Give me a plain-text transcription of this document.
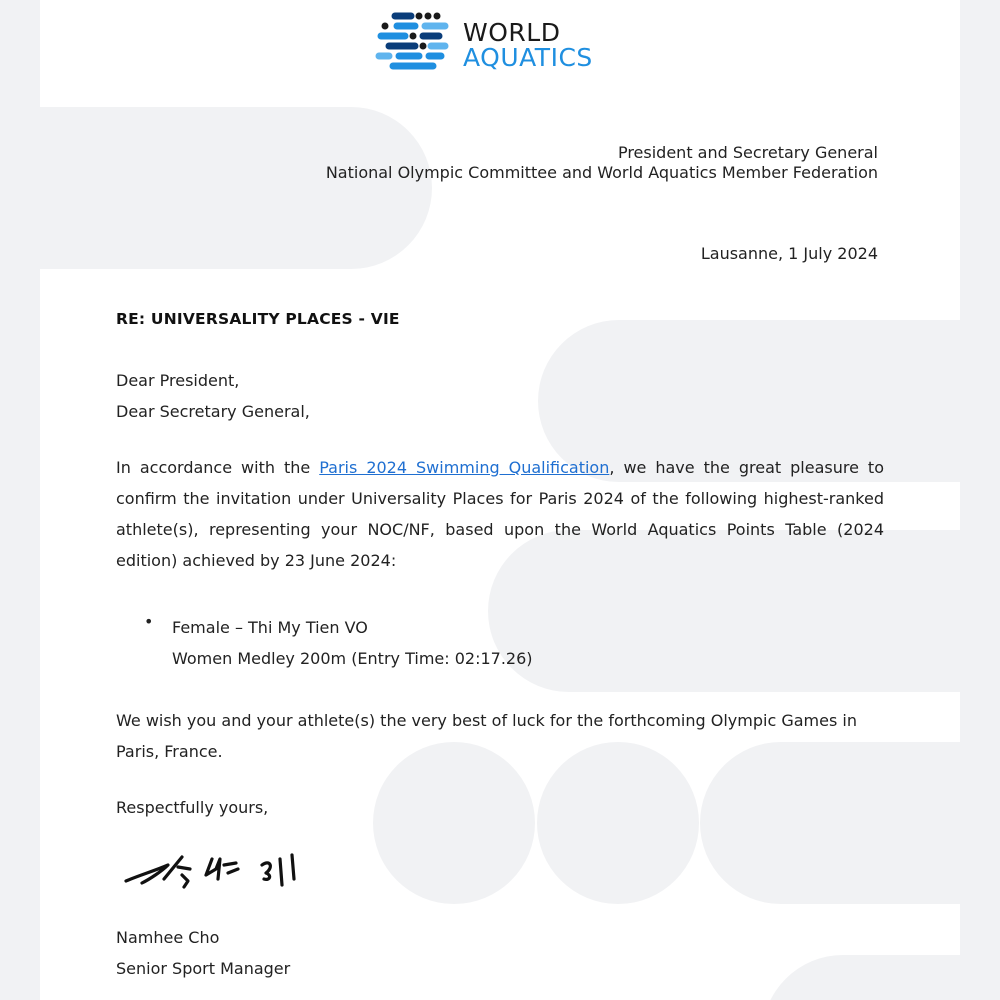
WORLD
AQUATICS
President and Secretary General
National Olympic Committee and World Aquatics Member Federation
Lausanne, 1 July 2024
RE: UNIVERSALITY PLACES - VIE
Dear President,
Dear Secretary General,
In accordance with the Paris 2024 Swimming Qualification, we have the great pleasure to confirm the invitation under Universality Places for Paris 2024 of the following highest-ranked athlete(s), representing your NOC/NF, based upon the World Aquatics Points Table (2024 edition) achieved by 23 June 2024:
• Female – Thi My Tien VO
Women Medley 200m (Entry Time: 02:17.26)
We wish you and your athlete(s) the very best of luck for the forthcoming Olympic Games in Paris, France.
Respectfully yours,
Namhee Cho
Senior Sport Manager
